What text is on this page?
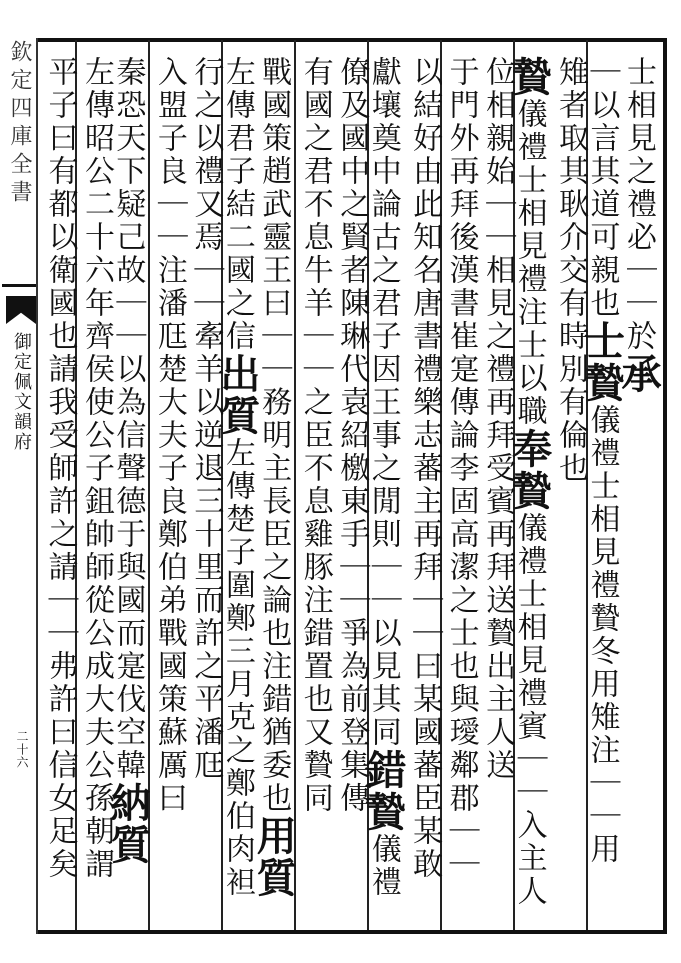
欽定四庫全書
御定佩文韻府
二十六
士相見之禮必｜｜於承
｜以言其道可親也士贄儀禮士相見禮贄冬用雉注｜｜用
雉者取其耿介交有時別有倫也
贄儀禮士相見禮注士以職奉贄儀禮士相見禮賓｜｜入主人
位相親始｜｜相見之禮再拜受賓再拜送贄出主人送
于門外再拜後漢書崔寔傳論李固高潔之士也與璦鄰郡｜｜
以結好由此知名唐書禮樂志蕃主再拜｜｜曰某國蕃臣某敢
獻壤奠中論古之君子因王事之閒則｜｜以見其同錯贄儀禮
僚及國中之賢者陳琳代袁紹檄東手｜｜爭為前登集傳
有國之君不息牛羊｜｜之臣不息雞豚注錯置也又贄同
戰國策趙武靈王曰｜｜務明主長臣之論也注錯猶委也用質
左傳君子結二國之信出質左傳楚子圍鄭三月克之鄭伯肉袒
行之以禮又焉｜｜牽羊以逆退三十里而許之平潘尫
入盟子良｜｜注潘尫楚大夫子良鄭伯弟戰國策蘇厲曰
秦恐天下疑己故｜｜以為信聲德于與國而寔伐空韓納質
左傳昭公二十六年齊侯使公子鉏帥師從公成大夫公孫朝謂
平子曰有都以衛國也請我受師許之請｜｜弗許曰信女足矣
